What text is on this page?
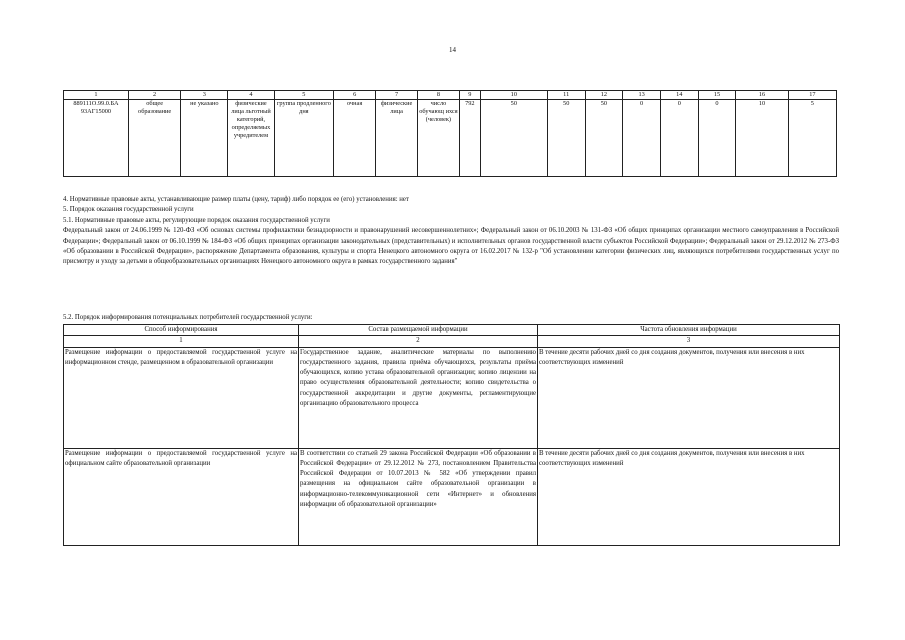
14
1	2	3	4	5	6	7	8	9	10	11	12	13	14	15	16	17
889111О.99.0.БА 93АГ15000	общее образование	не указано	физические лица льготный категорий, определяемых учредителем	группа продленного дня	очная	физические лица	число обучающ ихся (человек)	792	50	50	50	0	0	0	10	5
4. Нормативные правовые акты, устанавливающие размер платы (цену, тариф) либо порядок ее (его) установления: нет
5. Порядок оказания государственной услуги
5.1. Нормативные правовые акты, регулирующие порядок оказания государственной услуги
Федеральный закон от 24.06.1999 № 120-ФЗ «Об основах системы профилактики безнадзорности и правонарушений несовершеннолетних»; Федеральный закон от 06.10.2003 № 131-ФЗ «Об общих принципах организации местного самоуправления в Российской Федерации»; Федеральный закон от 06.10.1999 № 184-ФЗ «Об общих принципах организации законодательных (представительных) и исполнительных органов государственной власти субъектов Российской Федерации»; Федеральный закон от 29.12.2012 № 273-ФЗ «Об образовании в Российской Федерации», распоряжение Департамента образования, культуры и спорта Ненецкого автономного округа от 16.02.2017 № 132-р "Об установлении категории физических лиц, являющихся потребителями государственных услуг по присмотру и уходу за детьми в общеобразовательных организациях Ненецкого автономного округа в рамках государственного задания"
5.2. Порядок информирования потенциальных потребителей государственной услуги:
Способ информирования	Состав размещаемой информации	Частота обновления информации
1	2	3
Размещение информации о предоставляемой государственной услуге на информационном стенде, размещенном в образовательной организации	Государственное задание, аналитические материалы по выполнению государственного задания, правила приёма обучающихся, результаты приёма обучающихся, копию устава образовательной организации; копию лицензии на право осуществления образовательной деятельности; копию свидетельства о государственной аккредитации и другие документы, регламентирующие организацию образовательного процесса	В течение десяти рабочих дней со дня создания документов, получения или внесения в них соответствующих изменений
Размещение информации о предоставляемой государственной услуге на официальном сайте образовательной организации	В соответствии со статьей 29 закона Российской Федерации «Об образовании в Российской Федерации» от 29.12.2012 № 273, постановлением Правительства Российской Федерации от 10.07.2013 № 582 «Об утверждении правил размещения на официальном сайте образовательной организации в информационно-телекоммуникационной сети «Интернет» и обновления информации об образовательной организации»	В течение десяти рабочих дней со дня создания документов, получения или внесения в них соответствующих изменений
